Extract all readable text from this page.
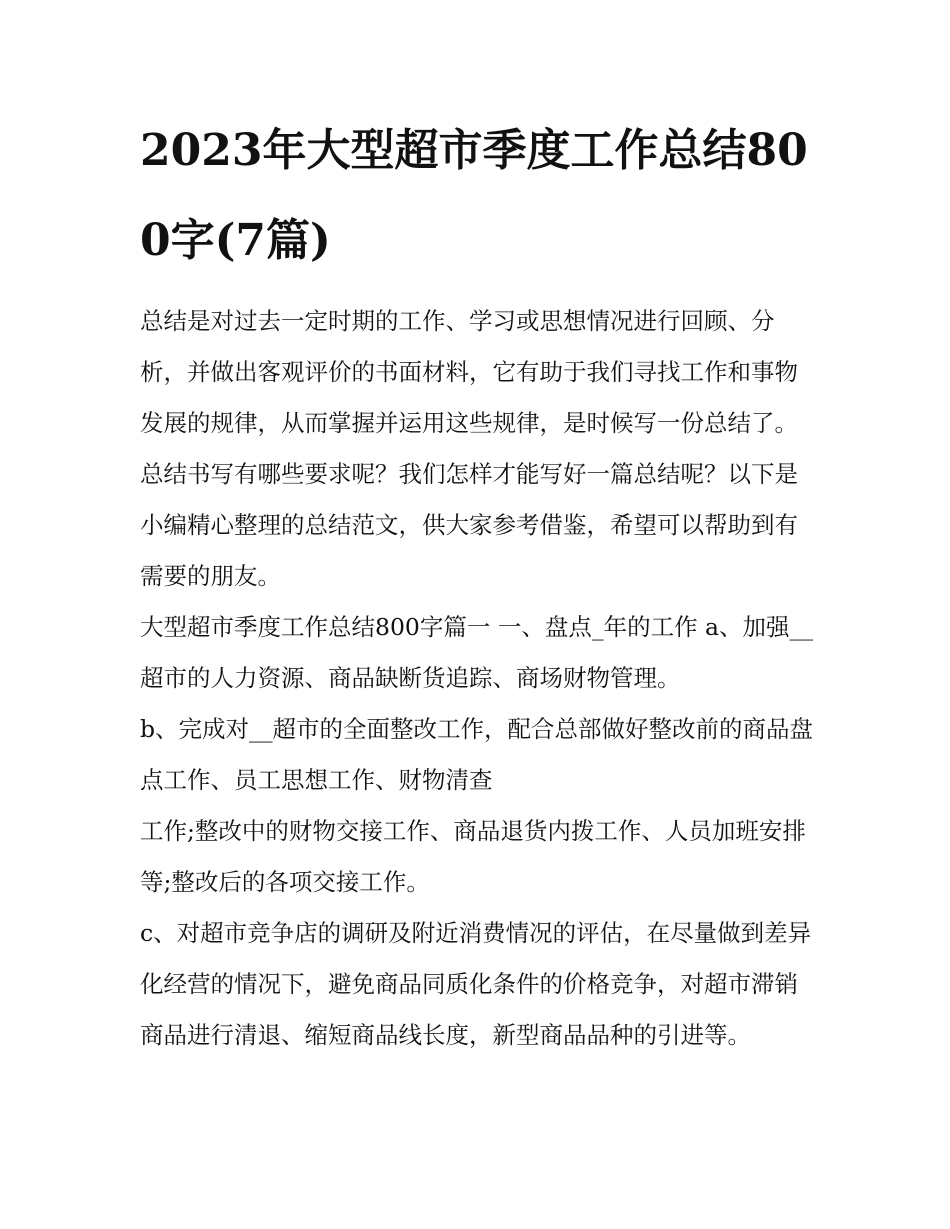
2023年大型超市季度工作总结800字(7篇)

总结是对过去一定时期的工作、学习或思想情况进行回顾、分析，并做出客观评价的书面材料，它有助于我们寻找工作和事物发展的规律，从而掌握并运用这些规律，是时候写一份总结了。总结书写有哪些要求呢？我们怎样才能写好一篇总结呢？以下是小编精心整理的总结范文，供大家参考借鉴，希望可以帮助到有需要的朋友。

大型超市季度工作总结800字篇一 一、盘点_年的工作 a、加强__超市的人力资源、商品缺断货追踪、商场财物管理。

b、完成对__超市的全面整改工作，配合总部做好整改前的商品盘点工作、员工思想工作、财物清查

工作;整改中的财物交接工作、商品退货内拨工作、人员加班安排等;整改后的各项交接工作。

c、对超市竞争店的调研及附近消费情况的评估，在尽量做到差异化经营的情况下，避免商品同质化条件的价格竞争，对超市滞销商品进行清退、缩短商品线长度，新型商品品种的引进等。
